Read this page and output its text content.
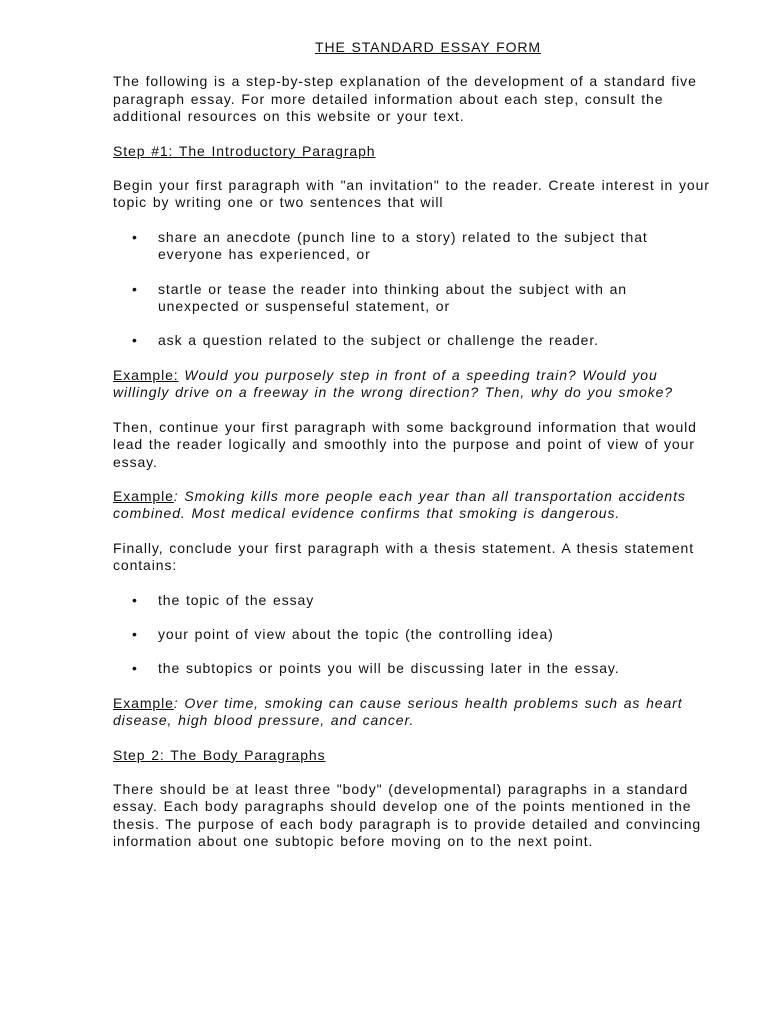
THE STANDARD ESSAY FORM

The following is a step-by-step explanation of the development of a standard five paragraph essay. For more detailed information about each step, consult the additional resources on this website or your text.

Step #1: The Introductory Paragraph

Begin your first paragraph with "an invitation" to the reader. Create interest in your topic by writing one or two sentences that will

• share an anecdote (punch line to a story) related to the subject that everyone has experienced, or
• startle or tease the reader into thinking about the subject with an unexpected or suspenseful statement, or
• ask a question related to the subject or challenge the reader.

Example: Would you purposely step in front of a speeding train? Would you willingly drive on a freeway in the wrong direction? Then, why do you smoke?

Then, continue your first paragraph with some background information that would lead the reader logically and smoothly into the purpose and point of view of your essay.

Example: Smoking kills more people each year than all transportation accidents combined. Most medical evidence confirms that smoking is dangerous.

Finally, conclude your first paragraph with a thesis statement. A thesis statement contains:

• the topic of the essay
• your point of view about the topic (the controlling idea)
• the subtopics or points you will be discussing later in the essay.

Example: Over time, smoking can cause serious health problems such as heart disease, high blood pressure, and cancer.

Step 2: The Body Paragraphs

There should be at least three "body" (developmental) paragraphs in a standard essay. Each body paragraphs should develop one of the points mentioned in the thesis. The purpose of each body paragraph is to provide detailed and convincing information about one subtopic before moving on to the next point.
